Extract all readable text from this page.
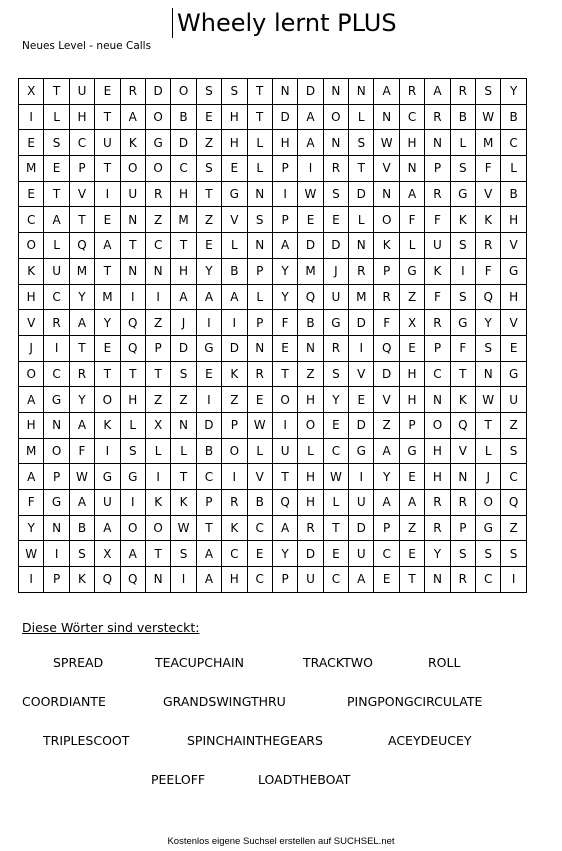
Wheely lernt PLUS
Neues Level - neue Calls
X	T	U	E	R	D	O	S	S	T	N	D	N	N	A	R	A	R	S	Y
I	L	H	T	A	O	B	E	H	T	D	A	O	L	N	C	R	B	W	B
E	S	C	U	K	G	D	Z	H	L	H	A	N	S	W	H	N	L	M	C
M	E	P	T	O	O	C	S	E	L	P	I	R	T	V	N	P	S	F	L
E	T	V	I	U	R	H	T	G	N	I	W	S	D	N	A	R	G	V	B
C	A	T	E	N	Z	M	Z	V	S	P	E	E	L	O	F	F	K	K	H
O	L	Q	A	T	C	T	E	L	N	A	D	D	N	K	L	U	S	R	V
K	U	M	T	N	N	H	Y	B	P	Y	M	J	R	P	G	K	I	F	G
H	C	Y	M	I	I	A	A	A	L	Y	Q	U	M	R	Z	F	S	Q	H
V	R	A	Y	Q	Z	J	I	I	P	F	B	G	D	F	X	R	G	Y	V
J	I	T	E	Q	P	D	G	D	N	E	N	R	I	Q	E	P	F	S	E
O	C	R	T	T	T	S	E	K	R	T	Z	S	V	D	H	C	T	N	G
A	G	Y	O	H	Z	Z	I	Z	E	O	H	Y	E	V	H	N	K	W	U
H	N	A	K	L	X	N	D	P	W	I	O	E	D	Z	P	O	Q	T	Z
M	O	F	I	S	L	L	B	O	L	U	L	C	G	A	G	H	V	L	S
A	P	W	G	G	I	T	C	I	V	T	H	W	I	Y	E	H	N	J	C
F	G	A	U	I	K	K	P	R	B	Q	H	L	U	A	A	R	R	O	Q
Y	N	B	A	O	O	W	T	K	C	A	R	T	D	P	Z	R	P	G	Z
W	I	S	X	A	T	S	A	C	E	Y	D	E	U	C	E	Y	S	S	S
I	P	K	Q	Q	N	I	A	H	C	P	U	C	A	E	T	N	R	C	I
Diese Wörter sind versteckt:
SPREAD	TEACUPCHAIN	TRACKTWO	ROLL
COORDIANTE	GRANDSWINGTHRU	PINGPONGCIRCULATE
TRIPLESCOOT	SPINCHAINTHEGEARS	ACEYDEUCEY
PEELOFF	LOADTHEBOAT
Kostenlos eigene Suchsel erstellen auf SUCHSEL.net
